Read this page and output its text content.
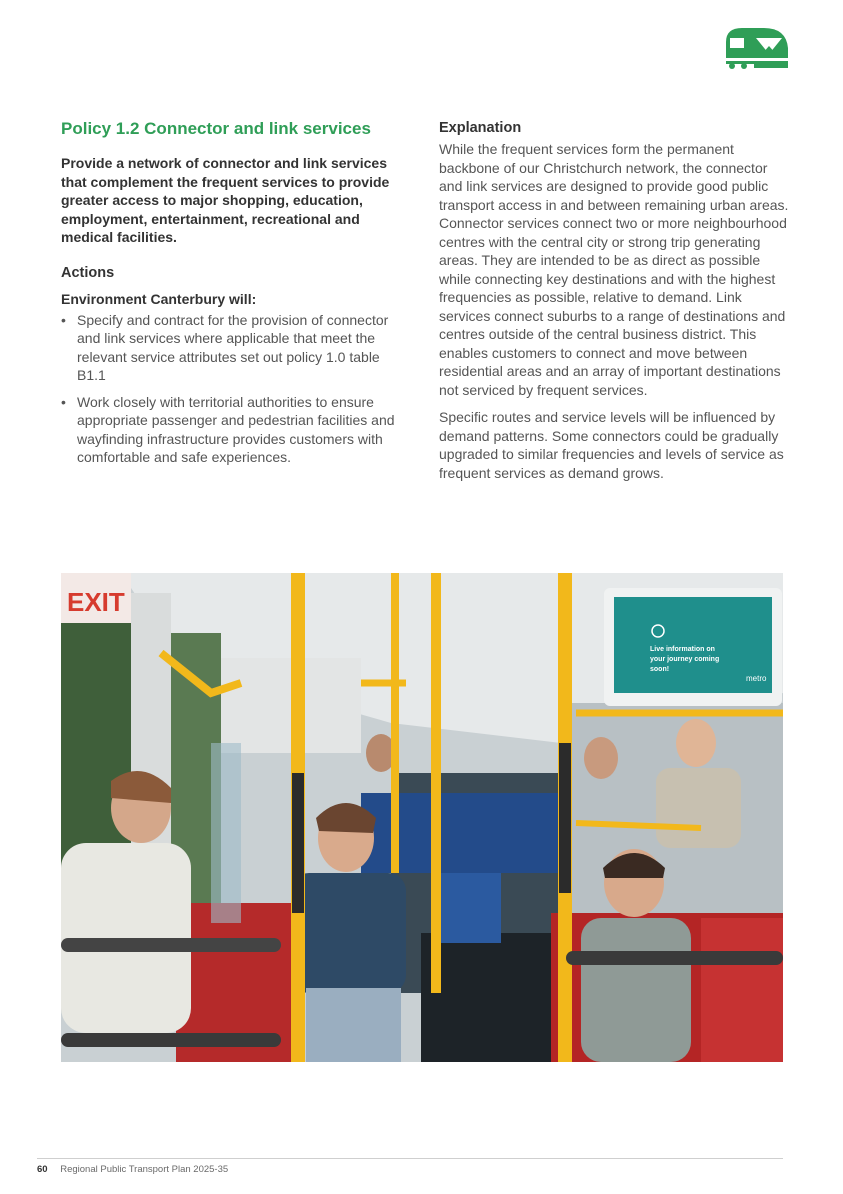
Policy 1.2 Connector and link services

Provide a network of connector and link services that complement the frequent services to provide greater access to major shopping, education, employment, entertainment, recreational and medical facilities.

Actions
Environment Canterbury will:
• Specify and contract for the provision of connector and link services where applicable that meet the relevant service attributes set out policy 1.0 table B1.1
• Work closely with territorial authorities to ensure appropriate passenger and pedestrian facilities and wayfinding infrastructure provides customers with comfortable and safe experiences.
Explanation

While the frequent services form the permanent backbone of our Christchurch network, the connector and link services are designed to provide good public transport access in and between remaining urban areas. Connector services connect two or more neighbourhood centres with the central city or strong trip generating areas. They are intended to be as direct as possible while connecting key destinations and with the highest frequencies as possible, relative to demand. Link services connect suburbs to a range of destinations and centres outside of the central business district. This enables customers to connect and move between residential areas and an array of important destinations not serviced by frequent services.

Specific routes and service levels will be influenced by demand patterns. Some connectors could be gradually upgraded to similar frequencies and levels of service as frequent services as demand grows.

EXIT
Live information on
your journey coming
soon!
metro
60 Regional Public Transport Plan 2025-35
